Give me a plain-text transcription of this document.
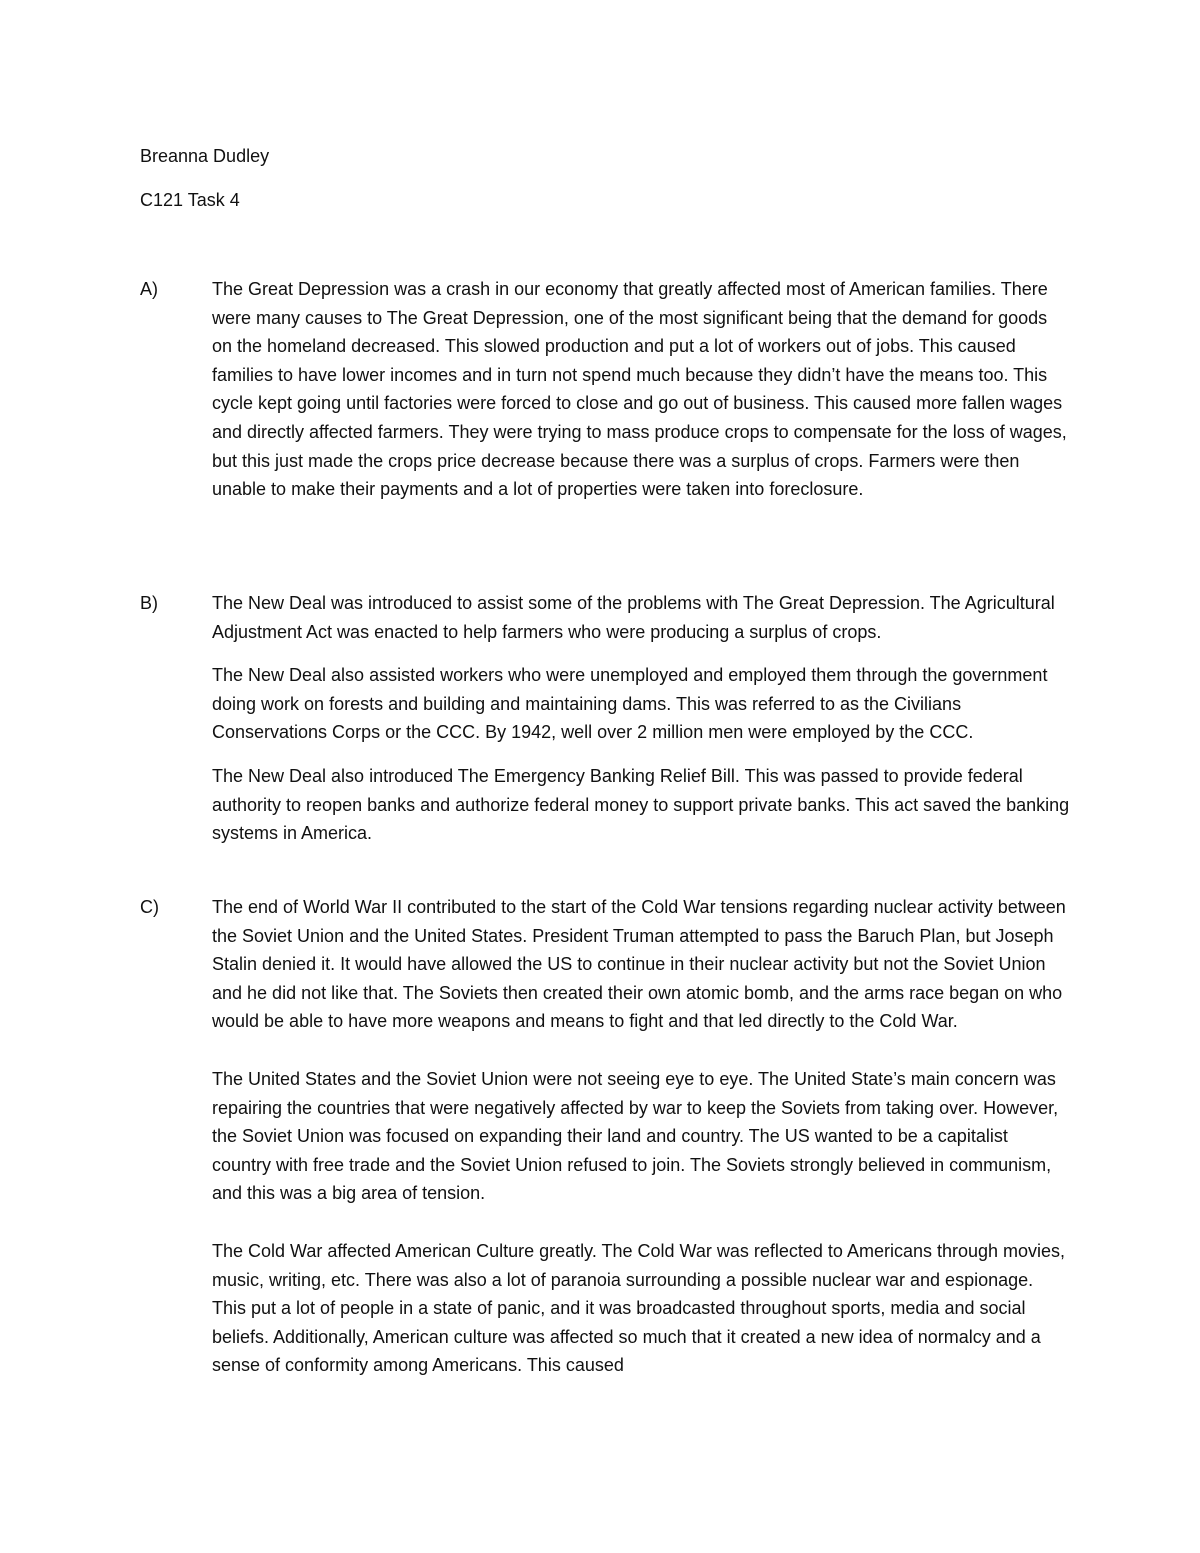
Breanna Dudley
C121 Task 4
A)	The Great Depression was a crash in our economy that greatly affected most of American families. There were many causes to The Great Depression, one of the most significant being that the demand for goods on the homeland decreased. This slowed production and put a lot of workers out of jobs. This caused families to have lower incomes and in turn not spend much because they didn’t have the means too. This cycle kept going until factories were forced to close and go out of business. This caused more fallen wages and directly affected farmers. They were trying to mass produce crops to compensate for the loss of wages, but this just made the crops price decrease because there was a surplus of crops. Farmers were then unable to make their payments and a lot of properties were taken into foreclosure.

B)	The New Deal was introduced to assist some of the problems with The Great Depression. The Agricultural Adjustment Act was enacted to help farmers who were producing a surplus of crops.

The New Deal also assisted workers who were unemployed and employed them through the government doing work on forests and building and maintaining dams. This was referred to as the Civilians Conservations Corps or the CCC. By 1942, well over 2 million men were employed by the CCC.

The New Deal also introduced The Emergency Banking Relief Bill. This was passed to provide federal authority to reopen banks and authorize federal money to support private banks. This act saved the banking systems in America.

C)	The end of World War II contributed to the start of the Cold War tensions regarding nuclear activity between the Soviet Union and the United States. President Truman attempted to pass the Baruch Plan, but Joseph Stalin denied it. It would have allowed the US to continue in their nuclear activity but not the Soviet Union and he did not like that. The Soviets then created their own atomic bomb, and the arms race began on who would be able to have more weapons and means to fight and that led directly to the Cold War.

The United States and the Soviet Union were not seeing eye to eye. The United State’s main concern was repairing the countries that were negatively affected by war to keep the Soviets from taking over. However, the Soviet Union was focused on expanding their land and country. The US wanted to be a capitalist country with free trade and the Soviet Union refused to join. The Soviets strongly believed in communism, and this was a big area of tension.

The Cold War affected American Culture greatly. The Cold War was reflected to Americans through movies, music, writing, etc. There was also a lot of paranoia surrounding a possible nuclear war and espionage. This put a lot of people in a state of panic, and it was broadcasted throughout sports, media and social beliefs. Additionally, American culture was affected so much that it created a new idea of normalcy and a sense of conformity among Americans. This caused
